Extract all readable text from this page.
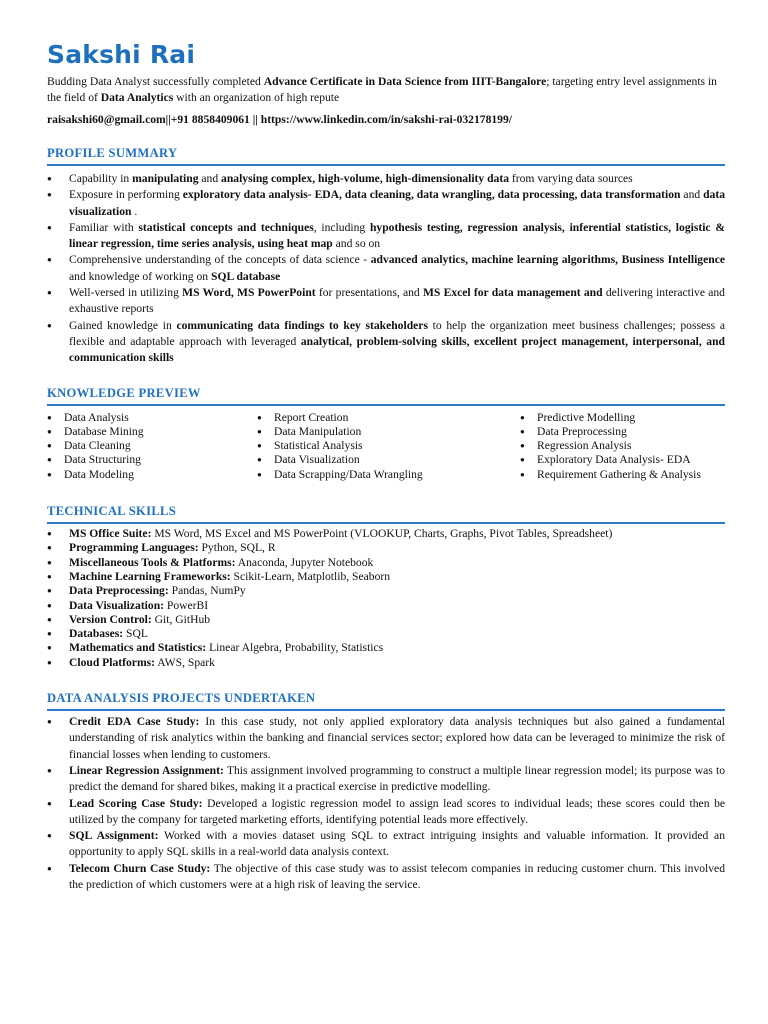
Sakshi Rai

Budding Data Analyst successfully completed Advance Certificate in Data Science from IIIT-Bangalore; targeting entry level assignments in the field of Data Analytics with an organization of high repute

raisakshi60@gmail.com||+91 8858409061 || https://www.linkedin.com/in/sakshi-rai-032178199/

PROFILE SUMMARY
● Capability in manipulating and analysing complex, high-volume, high-dimensionality data from varying data sources
● Exposure in performing exploratory data analysis- EDA, data cleaning, data wrangling, data processing, data transformation and data visualization .
● Familiar with statistical concepts and techniques, including hypothesis testing, regression analysis, inferential statistics, logistic & linear regression, time series analysis, using heat map and so on
● Comprehensive understanding of the concepts of data science - advanced analytics, machine learning algorithms, Business Intelligence and knowledge of working on SQL database
● Well-versed in utilizing MS Word, MS PowerPoint for presentations, and MS Excel for data management and delivering interactive and exhaustive reports
● Gained knowledge in communicating data findings to key stakeholders to help the organization meet business challenges; possess a flexible and adaptable approach with leveraged analytical, problem-solving skills, excellent project management, interpersonal, and communication skills
KNOWLEDGE PREVIEW
● Data Analysis
● Database Mining
● Data Cleaning
● Data Structuring
● Data Modeling
● Report Creation
● Data Manipulation
● Statistical Analysis
● Data Visualization
● Data Scrapping/Data Wrangling
● Predictive Modelling
● Data Preprocessing
● Regression Analysis
● Exploratory Data Analysis- EDA
● Requirement Gathering & Analysis
TECHNICAL SKILLS
● MS Office Suite: MS Word, MS Excel and MS PowerPoint (VLOOKUP, Charts, Graphs, Pivot Tables, Spreadsheet)
● Programming Languages: Python, SQL, R
● Miscellaneous Tools & Platforms: Anaconda, Jupyter Notebook
● Machine Learning Frameworks: Scikit-Learn, Matplotlib, Seaborn
● Data Preprocessing: Pandas, NumPy
● Data Visualization: PowerBI
● Version Control: Git, GitHub
● Databases: SQL
● Mathematics and Statistics: Linear Algebra, Probability, Statistics
● Cloud Platforms: AWS, Spark
DATA ANALYSIS PROJECTS UNDERTAKEN
● Credit EDA Case Study: In this case study, not only applied exploratory data analysis techniques but also gained a fundamental understanding of risk analytics within the banking and financial services sector; explored how data can be leveraged to minimize the risk of financial losses when lending to customers.
● Linear Regression Assignment: This assignment involved programming to construct a multiple linear regression model; its purpose was to predict the demand for shared bikes, making it a practical exercise in predictive modelling.
● Lead Scoring Case Study: Developed a logistic regression model to assign lead scores to individual leads; these scores could then be utilized by the company for targeted marketing efforts, identifying potential leads more effectively.
● SQL Assignment: Worked with a movies dataset using SQL to extract intriguing insights and valuable information. It provided an opportunity to apply SQL skills in a real-world data analysis context.
● Telecom Churn Case Study: The objective of this case study was to assist telecom companies in reducing customer churn. This involved the prediction of which customers were at a high risk of leaving the service.
